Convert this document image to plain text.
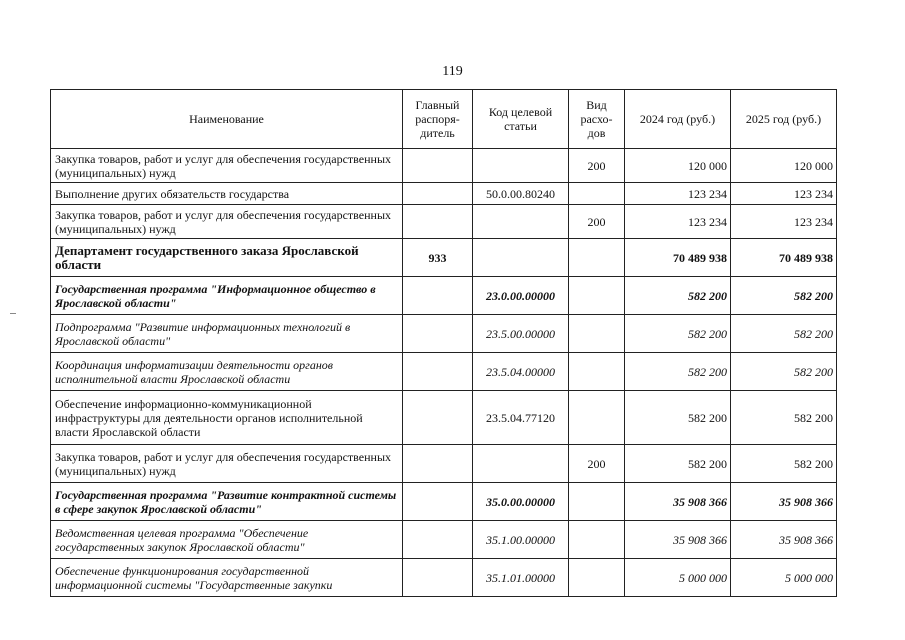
119
Наименование	Главный распоря-дитель	Код целевой статьи	Вид расхо-дов	2024 год (руб.)	2025 год (руб.)
Закупка товаров, работ и услуг для обеспечения государственных (муниципальных) нужд			200	120 000	120 000
Выполнение других обязательств государства		50.0.00.80240		123 234	123 234
Закупка товаров, работ и услуг для обеспечения государственных (муниципальных) нужд			200	123 234	123 234
Департамент государственного заказа Ярославской области	933			70 489 938	70 489 938
Государственная программа "Информационное общество в Ярославской области"		23.0.00.00000		582 200	582 200
Подпрограмма "Развитие информационных технологий в Ярославской области"		23.5.00.00000		582 200	582 200
Координация информатизации деятельности органов исполнительной власти Ярославской области		23.5.04.00000		582 200	582 200
Обеспечение информационно-коммуникационной инфраструктуры для деятельности органов исполнительной власти Ярославской области		23.5.04.77120		582 200	582 200
Закупка товаров, работ и услуг для обеспечения государственных (муниципальных) нужд			200	582 200	582 200
Государственная программа "Развитие контрактной системы в сфере закупок Ярославской области"		35.0.00.00000		35 908 366	35 908 366
Ведомственная целевая программа "Обеспечение государственных закупок Ярославской области"		35.1.00.00000		35 908 366	35 908 366
Обеспечение функционирования государственной информационной системы "Государственные закупки		35.1.01.00000		5 000 000	5 000 000
